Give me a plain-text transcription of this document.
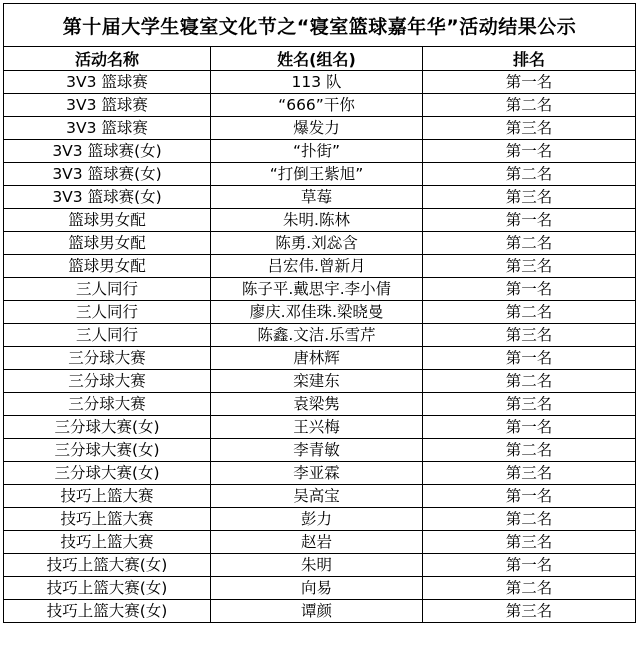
第十届大学生寝室文化节之“寝室篮球嘉年华”活动结果公示		
活动名称	姓名(组名)	排名
3V3 篮球赛	113 队	第一名
3V3 篮球赛	“666”干你	第二名
3V3 篮球赛	爆发力	第三名
3V3 篮球赛(女)	“扑街”	第一名
3V3 篮球赛(女)	“打倒王紫旭”	第二名
3V3 篮球赛(女)	草莓	第三名
篮球男女配	朱明.陈林	第一名
篮球男女配	陈勇.刘惢含	第二名
篮球男女配	吕宏伟.曾新月	第三名
三人同行	陈子平.戴思宇.李小倩	第一名
三人同行	廖庆.邓佳珠.梁晓曼	第二名
三人同行	陈鑫.文洁.乐雪芹	第三名
三分球大赛	唐林辉	第一名
三分球大赛	栾建东	第二名
三分球大赛	袁梁隽	第三名
三分球大赛(女)	王兴梅	第一名
三分球大赛(女)	李青敏	第二名
三分球大赛(女)	李亚霖	第三名
技巧上篮大赛	吴高宝	第一名
技巧上篮大赛	彭力	第二名
技巧上篮大赛	赵岩	第三名
技巧上篮大赛(女)	朱明	第一名
技巧上篮大赛(女)	向易	第二名
技巧上篮大赛(女)	谭颜	第三名
